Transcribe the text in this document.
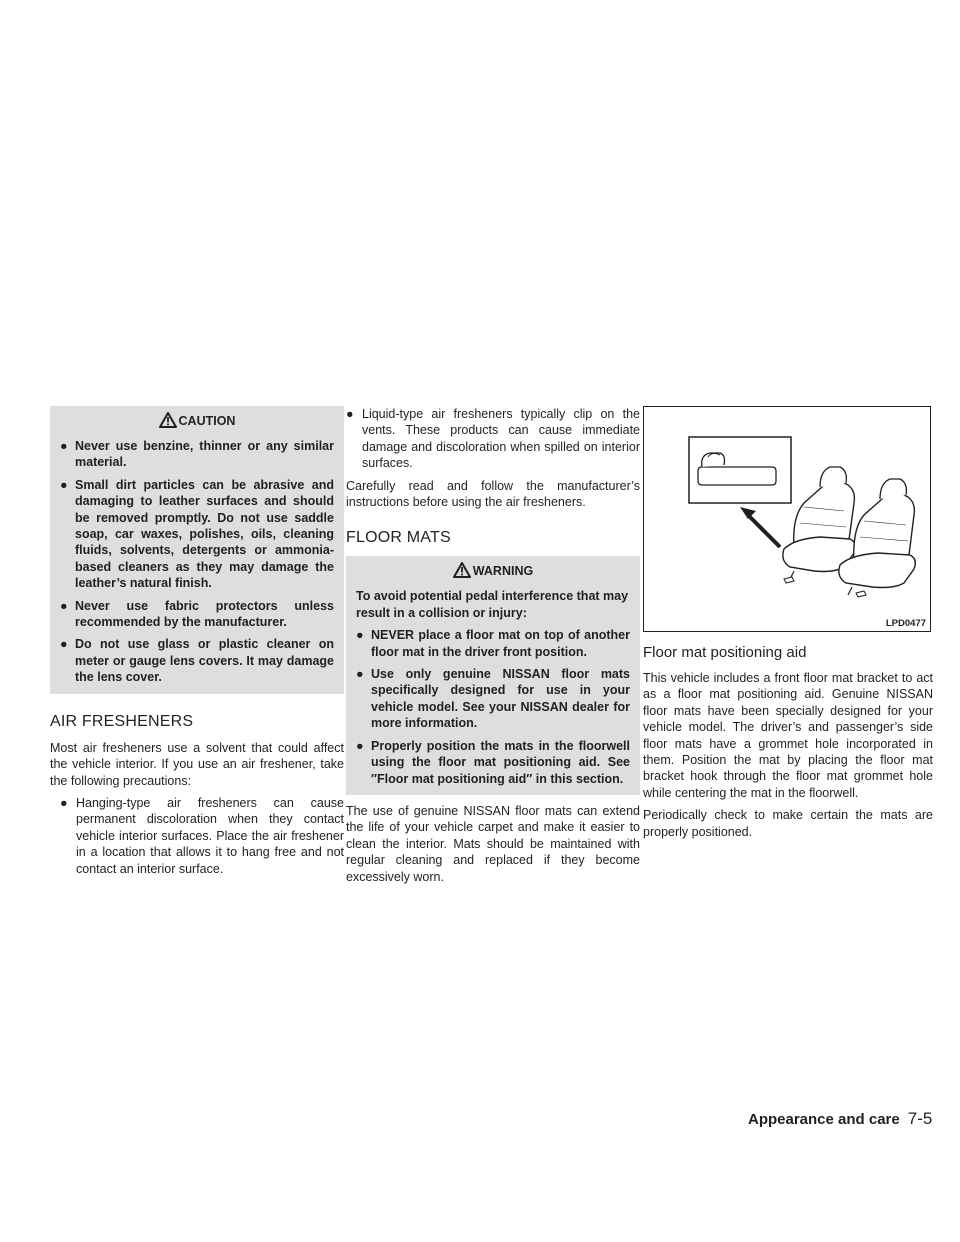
CAUTION
● Never use benzine, thinner or any similar material.
● Small dirt particles can be abrasive and damaging to leather surfaces and should be removed promptly. Do not use saddle soap, car waxes, polishes, oils, cleaning fluids, solvents, detergents or ammonia-based cleaners as they may damage the leather’s natural finish.
● Never use fabric protectors unless recommended by the manufacturer.
● Do not use glass or plastic cleaner on meter or gauge lens covers. It may damage the lens cover.
AIR FRESHENERS

Most air fresheners use a solvent that could affect the vehicle interior. If you use an air freshener, take the following precautions:

● Hanging-type air fresheners can cause permanent discoloration when they contact vehicle interior surfaces. Place the air freshener in a location that allows it to hang free and not contact an interior surface.
● Liquid-type air fresheners typically clip on the vents. These products can cause immediate damage and discoloration when spilled on interior surfaces.

Carefully read and follow the manufacturer’s instructions before using the air fresheners.

FLOOR MATS
WARNING

To avoid potential pedal interference that may result in a collision or injury:

● NEVER place a floor mat on top of another floor mat in the driver front position.
● Use only genuine NISSAN floor mats specifically designed for use in your vehicle model. See your NISSAN dealer for more information.
● Properly position the mats in the floorwell using the floor mat positioning aid. See ″Floor mat positioning aid″ in this section.

The use of genuine NISSAN floor mats can extend the life of your vehicle carpet and make it easier to clean the interior. Mats should be maintained with regular cleaning and replaced if they become excessively worn.

LPD0477
Floor mat positioning aid

This vehicle includes a front floor mat bracket to act as a floor mat positioning aid. Genuine NISSAN floor mats have been specially designed for your vehicle model. The driver’s and passenger’s side floor mats have a grommet hole incorporated in them. Position the mat by placing the floor mat bracket hook through the floor mat grommet hole while centering the mat in the floorwell.

Periodically check to make certain the mats are properly positioned.

Appearance and care 7-5
